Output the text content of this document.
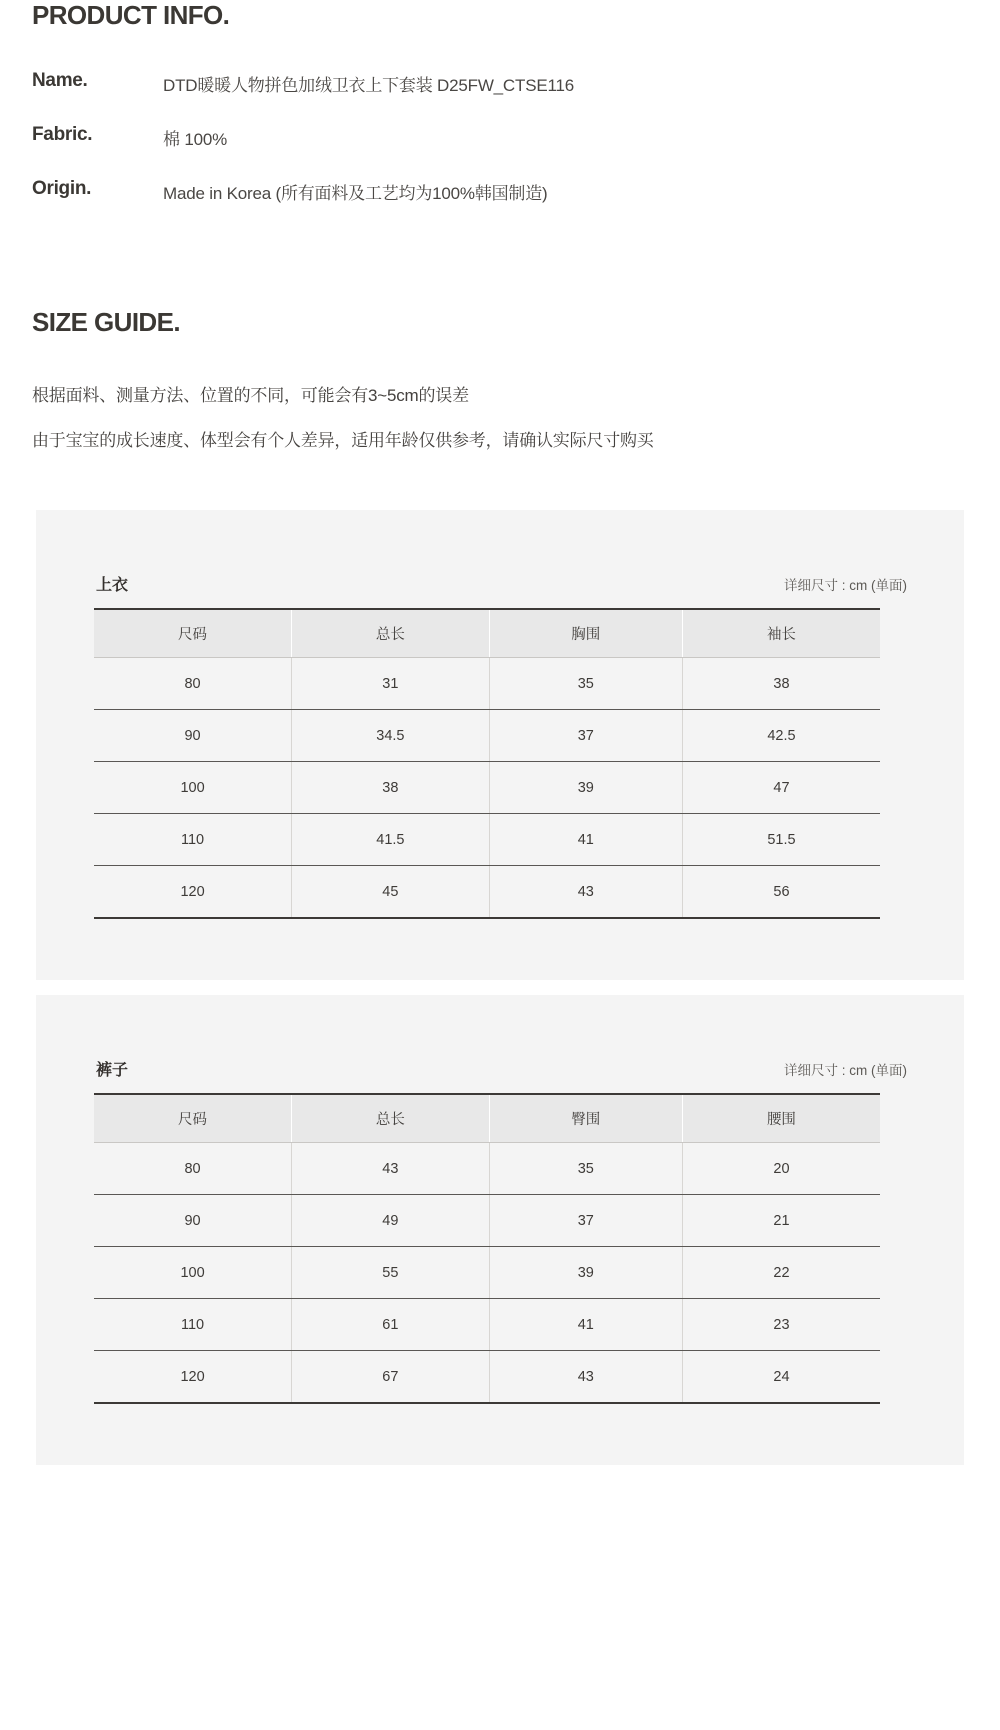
PRODUCT INFO.
Name.	DTD暖暖人物拼色加绒卫衣上下套装 D25FW_CTSE116
Fabric.	棉 100%
Origin.	Made in Korea (所有面料及工艺均为100%韩国制造)
SIZE GUIDE.
根据面料、测量方法、位置的不同，可能会有3~5cm的误差
由于宝宝的成长速度、体型会有个人差异，适用年龄仅供参考，请确认实际尺寸购买
上衣	详细尺寸 : cm (单面)
尺码	总长	胸围	袖长
80	31	35	38
90	34.5	37	42.5
100	38	39	47
110	41.5	41	51.5
120	45	43	56
裤子	详细尺寸 : cm (单面)
尺码	总长	臀围	腰围
80	43	35	20
90	49	37	21
100	55	39	22
110	61	41	23
120	67	43	24
